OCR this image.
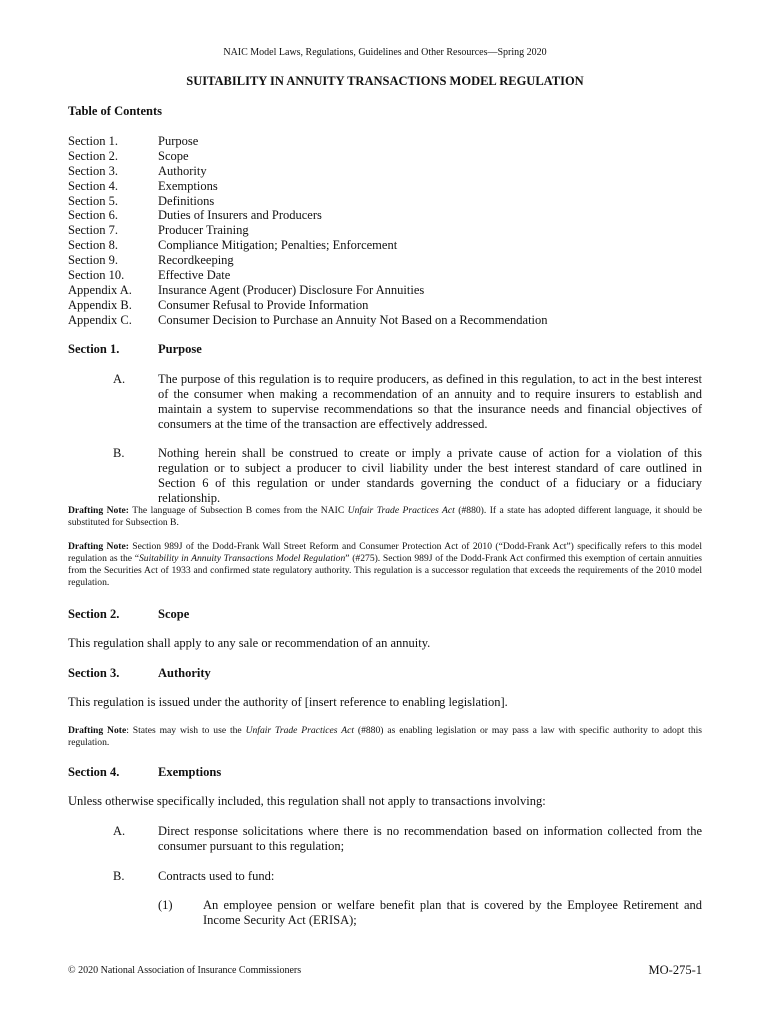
NAIC Model Laws, Regulations, Guidelines and Other Resources—Spring 2020
SUITABILITY IN ANNUITY TRANSACTIONS MODEL REGULATION
Table of Contents
Section 1.	Purpose
Section 2.	Scope
Section 3.	Authority
Section 4.	Exemptions
Section 5.	Definitions
Section 6.	Duties of Insurers and Producers
Section 7.	Producer Training
Section 8.	Compliance Mitigation; Penalties; Enforcement
Section 9.	Recordkeeping
Section 10.	Effective Date
Appendix A.	Insurance Agent (Producer) Disclosure For Annuities
Appendix B.	Consumer Refusal to Provide Information
Appendix C.	Consumer Decision to Purchase an Annuity Not Based on a Recommendation
Section 1.	Purpose
A.	The purpose of this regulation is to require producers, as defined in this regulation, to act in the best interest of the consumer when making a recommendation of an annuity and to require insurers to establish and maintain a system to supervise recommendations so that the insurance needs and financial objectives of consumers at the time of the transaction are effectively addressed.
B.	Nothing herein shall be construed to create or imply a private cause of action for a violation of this regulation or to subject a producer to civil liability under the best interest standard of care outlined in Section 6 of this regulation or under standards governing the conduct of a fiduciary or a fiduciary relationship.
Drafting Note: The language of Subsection B comes from the NAIC Unfair Trade Practices Act (#880). If a state has adopted different language, it should be substituted for Subsection B.
Drafting Note: Section 989J of the Dodd-Frank Wall Street Reform and Consumer Protection Act of 2010 (“Dodd-Frank Act”) specifically refers to this model regulation as the “Suitability in Annuity Transactions Model Regulation” (#275). Section 989J of the Dodd-Frank Act confirmed this exemption of certain annuities from the Securities Act of 1933 and confirmed state regulatory authority. This regulation is a successor regulation that exceeds the requirements of the 2010 model regulation.
Section 2.	Scope
This regulation shall apply to any sale or recommendation of an annuity.
Section 3.	Authority
This regulation is issued under the authority of [insert reference to enabling legislation].
Drafting Note: States may wish to use the Unfair Trade Practices Act (#880) as enabling legislation or may pass a law with specific authority to adopt this regulation.
Section 4.	Exemptions
Unless otherwise specifically included, this regulation shall not apply to transactions involving:
A.	Direct response solicitations where there is no recommendation based on information collected from the consumer pursuant to this regulation;
B.	Contracts used to fund:
(1) An employee pension or welfare benefit plan that is covered by the Employee Retirement and Income Security Act (ERISA);
© 2020 National Association of Insurance Commissioners	MO-275-1
